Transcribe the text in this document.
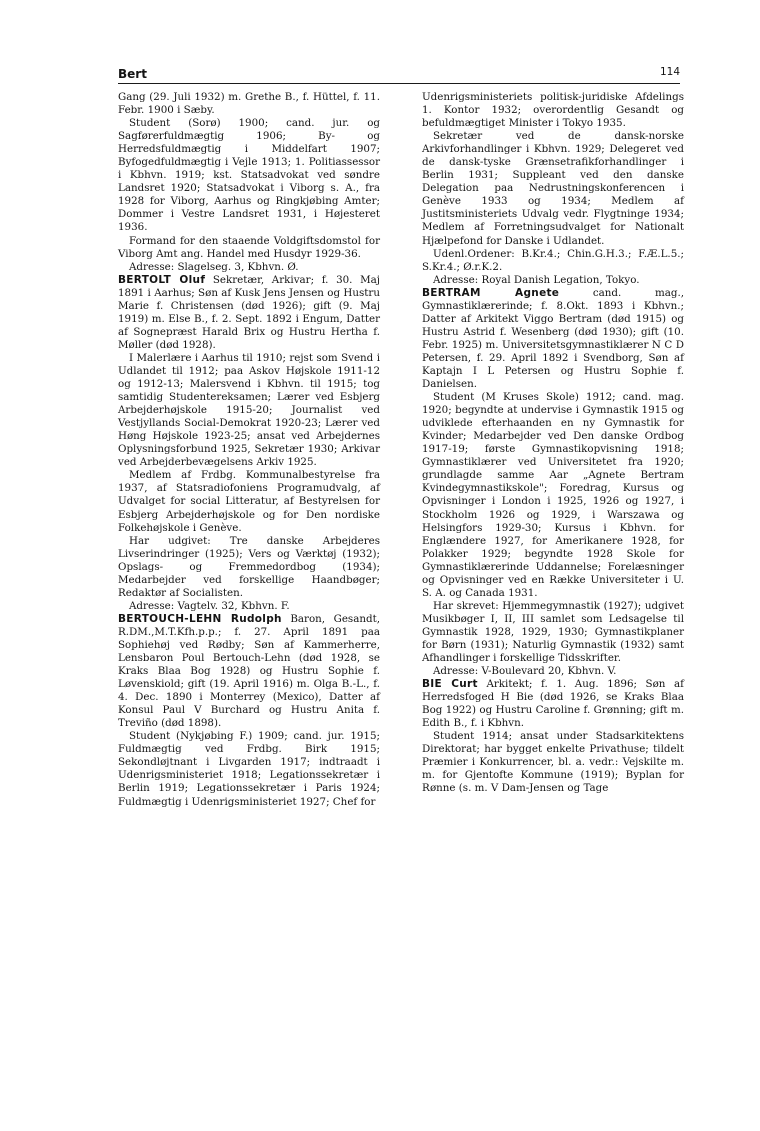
Bert	114

Gang (29. Juli 1932) m. Grethe B., f. Hüttel, f. 11. Febr. 1900 i Sæby.

Student (Sorø) 1900; cand. jur. og Sagførerfuldmægtig 1906; By- og Herredsfuldmægtig i Middelfart 1907; Byfogedfuldmægtig i Vejle 1913; 1. Politiassessor i Kbhvn. 1919; kst. Statsadvokat ved søndre Landsret 1920; Statsadvokat i Viborg s. A., fra 1928 for Viborg, Aarhus og Ringkjøbing Amter; Dommer i Vestre Landsret 1931, i Højesteret 1936.

Formand for den staaende Voldgiftsdomstol for Viborg Amt ang. Handel med Husdyr 1929-36.

Adresse: Slagelseg. 3, Kbhvn. Ø.

BERTOLT Oluf Sekretær, Arkivar; f. 30. Maj 1891 i Aarhus; Søn af Kusk Jens Jensen og Hustru Marie f. Christensen (død 1926); gift (9. Maj 1919) m. Else B., f. 2. Sept. 1892 i Engum, Datter af Sognepræst Harald Brix og Hustru Hertha f. Møller (død 1928).

I Malerlære i Aarhus til 1910; rejst som Svend i Udlandet til 1912; paa Askov Højskole 1911-12 og 1912-13; Malersvend i Kbhvn. til 1915; tog samtidig Studentereksamen; Lærer ved Esbjerg Arbejderhøjskole 1915-20; Journalist ved Vestjyllands Social-Demokrat 1920-23; Lærer ved Høng Højskole 1923-25; ansat ved Arbejdernes Oplysningsforbund 1925, Sekretær 1930; Arkivar ved Arbejderbevægelsens Arkiv 1925.

Medlem af Frdbg. Kommunalbestyrelse fra 1937, af Statsradiofoniens Programudvalg, af Udvalget for social Litteratur, af Bestyrelsen for Esbjerg Arbejderhøjskole og for Den nordiske Folkehøjskole i Genève.

Har udgivet: Tre danske Arbejderes Livserindringer (1925); Vers og Værktøj (1932); Opslags- og Fremmedordbog (1934); Medarbejder ved forskellige Haandbøger; Redaktør af Socialisten.

Adresse: Vagtelv. 32, Kbhvn. F.

BERTOUCH-LEHN Rudolph Baron, Gesandt, R.DM.,M.T.Kfh.p.p.; f. 27. April 1891 paa Sophiehøj ved Rødby; Søn af Kammerherre, Lensbaron Poul Bertouch-Lehn (død 1928, se Kraks Blaa Bog 1928) og Hustru Sophie f. Løvenskiold; gift (19. April 1916) m. Olga B.-L., f. 4. Dec. 1890 i Monterrey (Mexico), Datter af Konsul Paul V Burchard og Hustru Anita f. Treviño (død 1898).

Student (Nykjøbing F.) 1909; cand. jur. 1915; Fuldmægtig ved Frdbg. Birk 1915; Sekondløjtnant i Livgarden 1917; indtraadt i Udenrigsministeriet 1918; Legationssekretær i Berlin 1919; Legationssekretær i Paris 1924; Fuldmægtig i Udenrigsministeriet 1927; Chef for

Udenrigsministeriets politisk-juridiske Afdelings 1. Kontor 1932; overordentlig Gesandt og befuldmægtiget Minister i Tokyo 1935.

Sekretær ved de dansk-norske Arkivforhandlinger i Kbhvn. 1929; Delegeret ved de dansk-tyske Grænsetrafikforhandlinger i Berlin 1931; Suppleant ved den danske Delegation paa Nedrustningskonferencen i Genève 1933 og 1934; Medlem af Justitsministeriets Udvalg vedr. Flygtninge 1934; Medlem af Forretningsudvalget for Nationalt Hjælpefond for Danske i Udlandet.

Udenl.Ordener: B.Kr.4.; Chin.G.H.3.; F.Æ.L.5.; S.Kr.4.; Ø.r.K.2.

Adresse: Royal Danish Legation, Tokyo.

BERTRAM Agnete	cand. mag., Gymnastiklærerinde; f. 8.Okt. 1893 i Kbhvn.; Datter af Arkitekt Viggo Bertram (død 1915) og Hustru Astrid f. Wesenberg (død 1930); gift (10. Febr. 1925) m. Universitetsgymnastiklærer N C D Petersen, f. 29. April 1892 i Svendborg, Søn af Kaptajn I L Petersen og Hustru Sophie f. Danielsen.

Student (M Kruses Skole) 1912; cand. mag. 1920; begyndte at undervise i Gymnastik 1915 og udviklede efterhaanden en ny Gymnastik for Kvinder; Medarbejder ved Den danske Ordbog 1917-19; første Gymnastikopvisning 1918; Gymnastiklærer ved Universitetet fra 1920; grundlagde samme Aar „Agnete Bertram Kvindegymnastikskole"; Foredrag, Kursus og Opvisninger i London i 1925, 1926 og 1927, i Stockholm 1926 og 1929, i Warszawa og Helsingfors 1929-30; Kursus i Kbhvn. for Englændere 1927, for Amerikanere 1928, for Polakker 1929; begyndte 1928 Skole for Gymnastiklærerinde Uddannelse; Forelæsninger og Opvisninger ved en Række Universiteter i U. S. A. og Canada 1931.

Har skrevet: Hjemmegymnastik (1927); udgivet Musikbøger I, II, III samlet som Ledsagelse til Gymnastik 1928, 1929, 1930; Gymnastikplaner for Børn (1931); Naturlig Gymnastik (1932) samt Afhandlinger i forskellige Tidsskrifter.

Adresse: V-Boulevard 20, Kbhvn. V.

BIE Curt Arkitekt; f. 1. Aug. 1896; Søn af Herredsfoged H Bie (død 1926, se Kraks Blaa Bog 1922) og Hustru Caroline f. Grønning; gift m. Edith B., f. i Kbhvn.

Student 1914; ansat under Stadsarkitektens Direktorat; har bygget enkelte Privathuse; tildelt Præmier i Konkurrencer, bl. a. vedr.: Vejskilte m. m. for Gjentofte Kommune (1919); Byplan for Rønne (s. m. V Dam-Jensen og Tage
